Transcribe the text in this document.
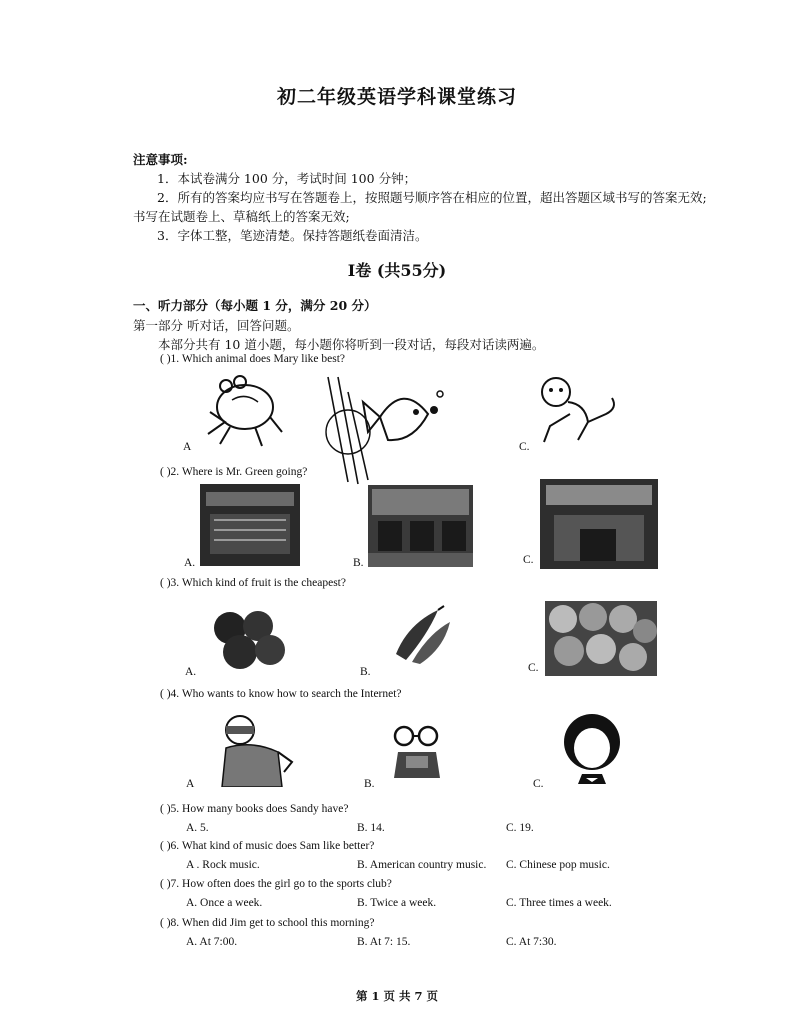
初二年级英语学科课堂练习
注意事项:
1．本试卷满分 100 分，考试时间 100 分钟；
2．所有的答案均应书写在答题卷上，按照题号顺序答在相应的位置，超出答题区域书写的答案无效;
书写在试题卷上、草稿纸上的答案无效;
3．字体工整，笔迹清楚。保持答题纸卷面清洁。
I卷 (共55分)
一、听力部分（每小题 1 分，满分 20 分）
第一部分 听对话，回答问题。
本部分共有 10 道小题，每小题你将听到一段对话，每段对话读两遍。
( )1. Which animal does Mary like best?
A	C.
( )2. Where is Mr. Green going?
A.	B.	C.
( )3. Which kind of fruit is the cheapest?
A.	B.	C.
( )4. Who wants to know how to search the Internet?
A	B.	C.
( )5. How many books does Sandy have?
A. 5.	B. 14.	C. 19.
( )6. What kind of music does Sam like better?
A . Rock music.	B. American country music. C. Chinese pop music.
( )7. How often does the girl go to the sports club?
A. Once a week.	B. Twice a week.	C. Three times a week.
( )8. When did Jim get to school this morning?
A. At 7:00.	B. At 7: 15.	C. At 7:30.
第 1 页 共 7 页
